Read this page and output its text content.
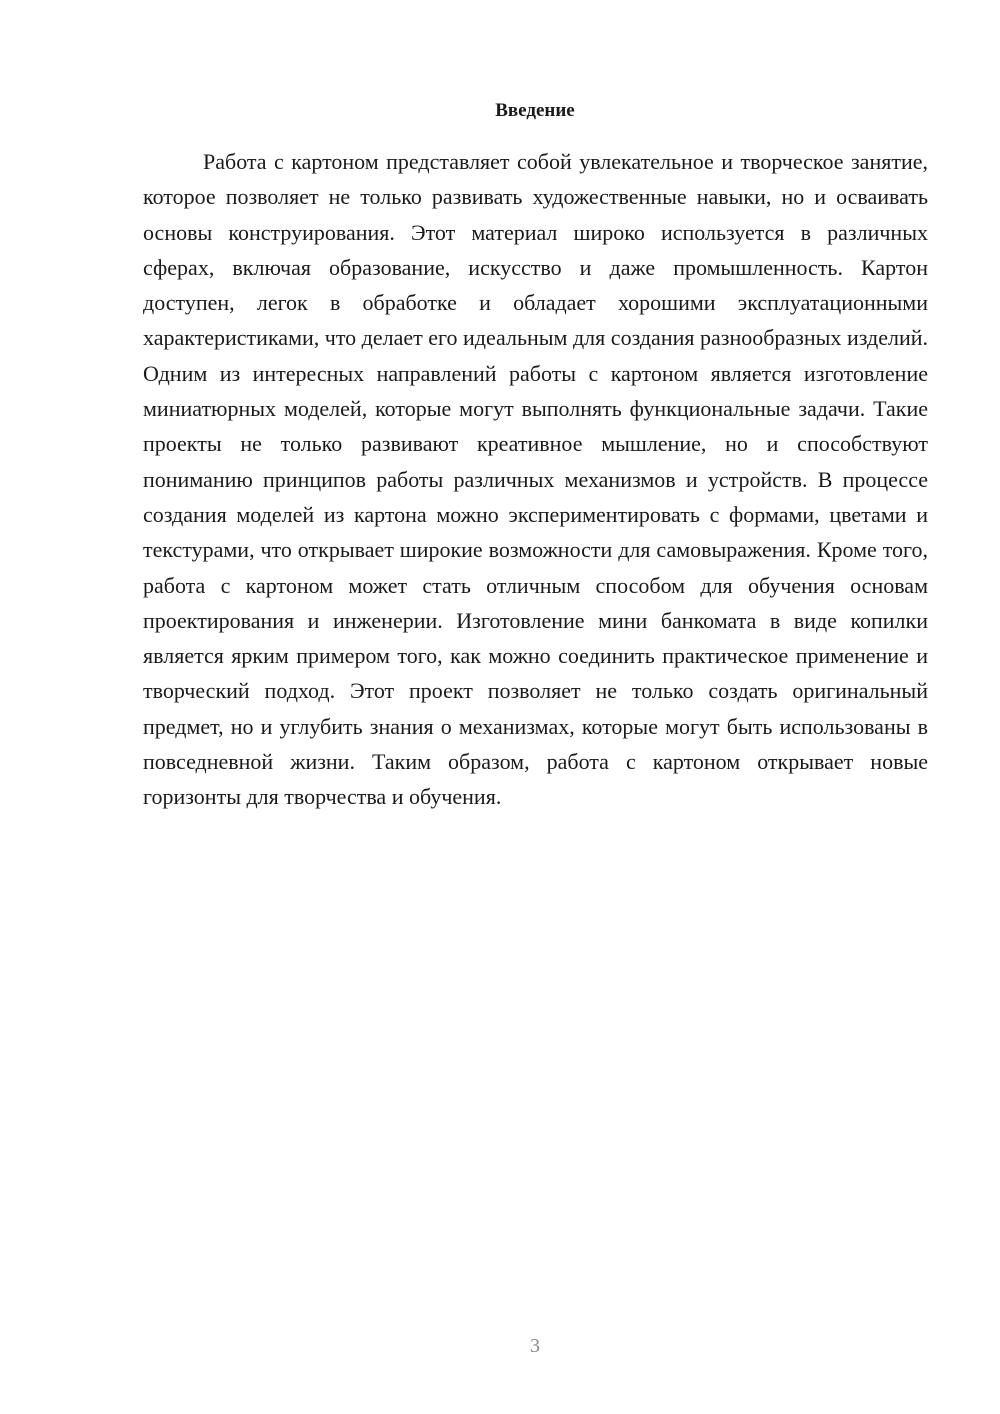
Введение

Работа с картоном представляет собой увлекательное и творческое занятие, которое позволяет не только развивать художественные навыки, но и осваивать основы конструирования. Этот материал широко используется в различных сферах, включая образование, искусство и даже промышленность. Картон доступен, легок в обработке и обладает хорошими эксплуатационными характеристиками, что делает его идеальным для создания разнообразных изделий. Одним из интересных направлений работы с картоном является изготовление миниатюрных моделей, которые могут выполнять функциональные задачи. Такие проекты не только развивают креативное мышление, но и способствуют пониманию принципов работы различных механизмов и устройств. В процессе создания моделей из картона можно экспериментировать с формами, цветами и текстурами, что открывает широкие возможности для самовыражения. Кроме того, работа с картоном может стать отличным способом для обучения основам проектирования и инженерии. Изготовление мини банкомата в виде копилки является ярким примером того, как можно соединить практическое применение и творческий подход. Этот проект позволяет не только создать оригинальный предмет, но и углубить знания о механизмах, которые могут быть использованы в повседневной жизни. Таким образом, работа с картоном открывает новые горизонты для творчества и обучения.

3
